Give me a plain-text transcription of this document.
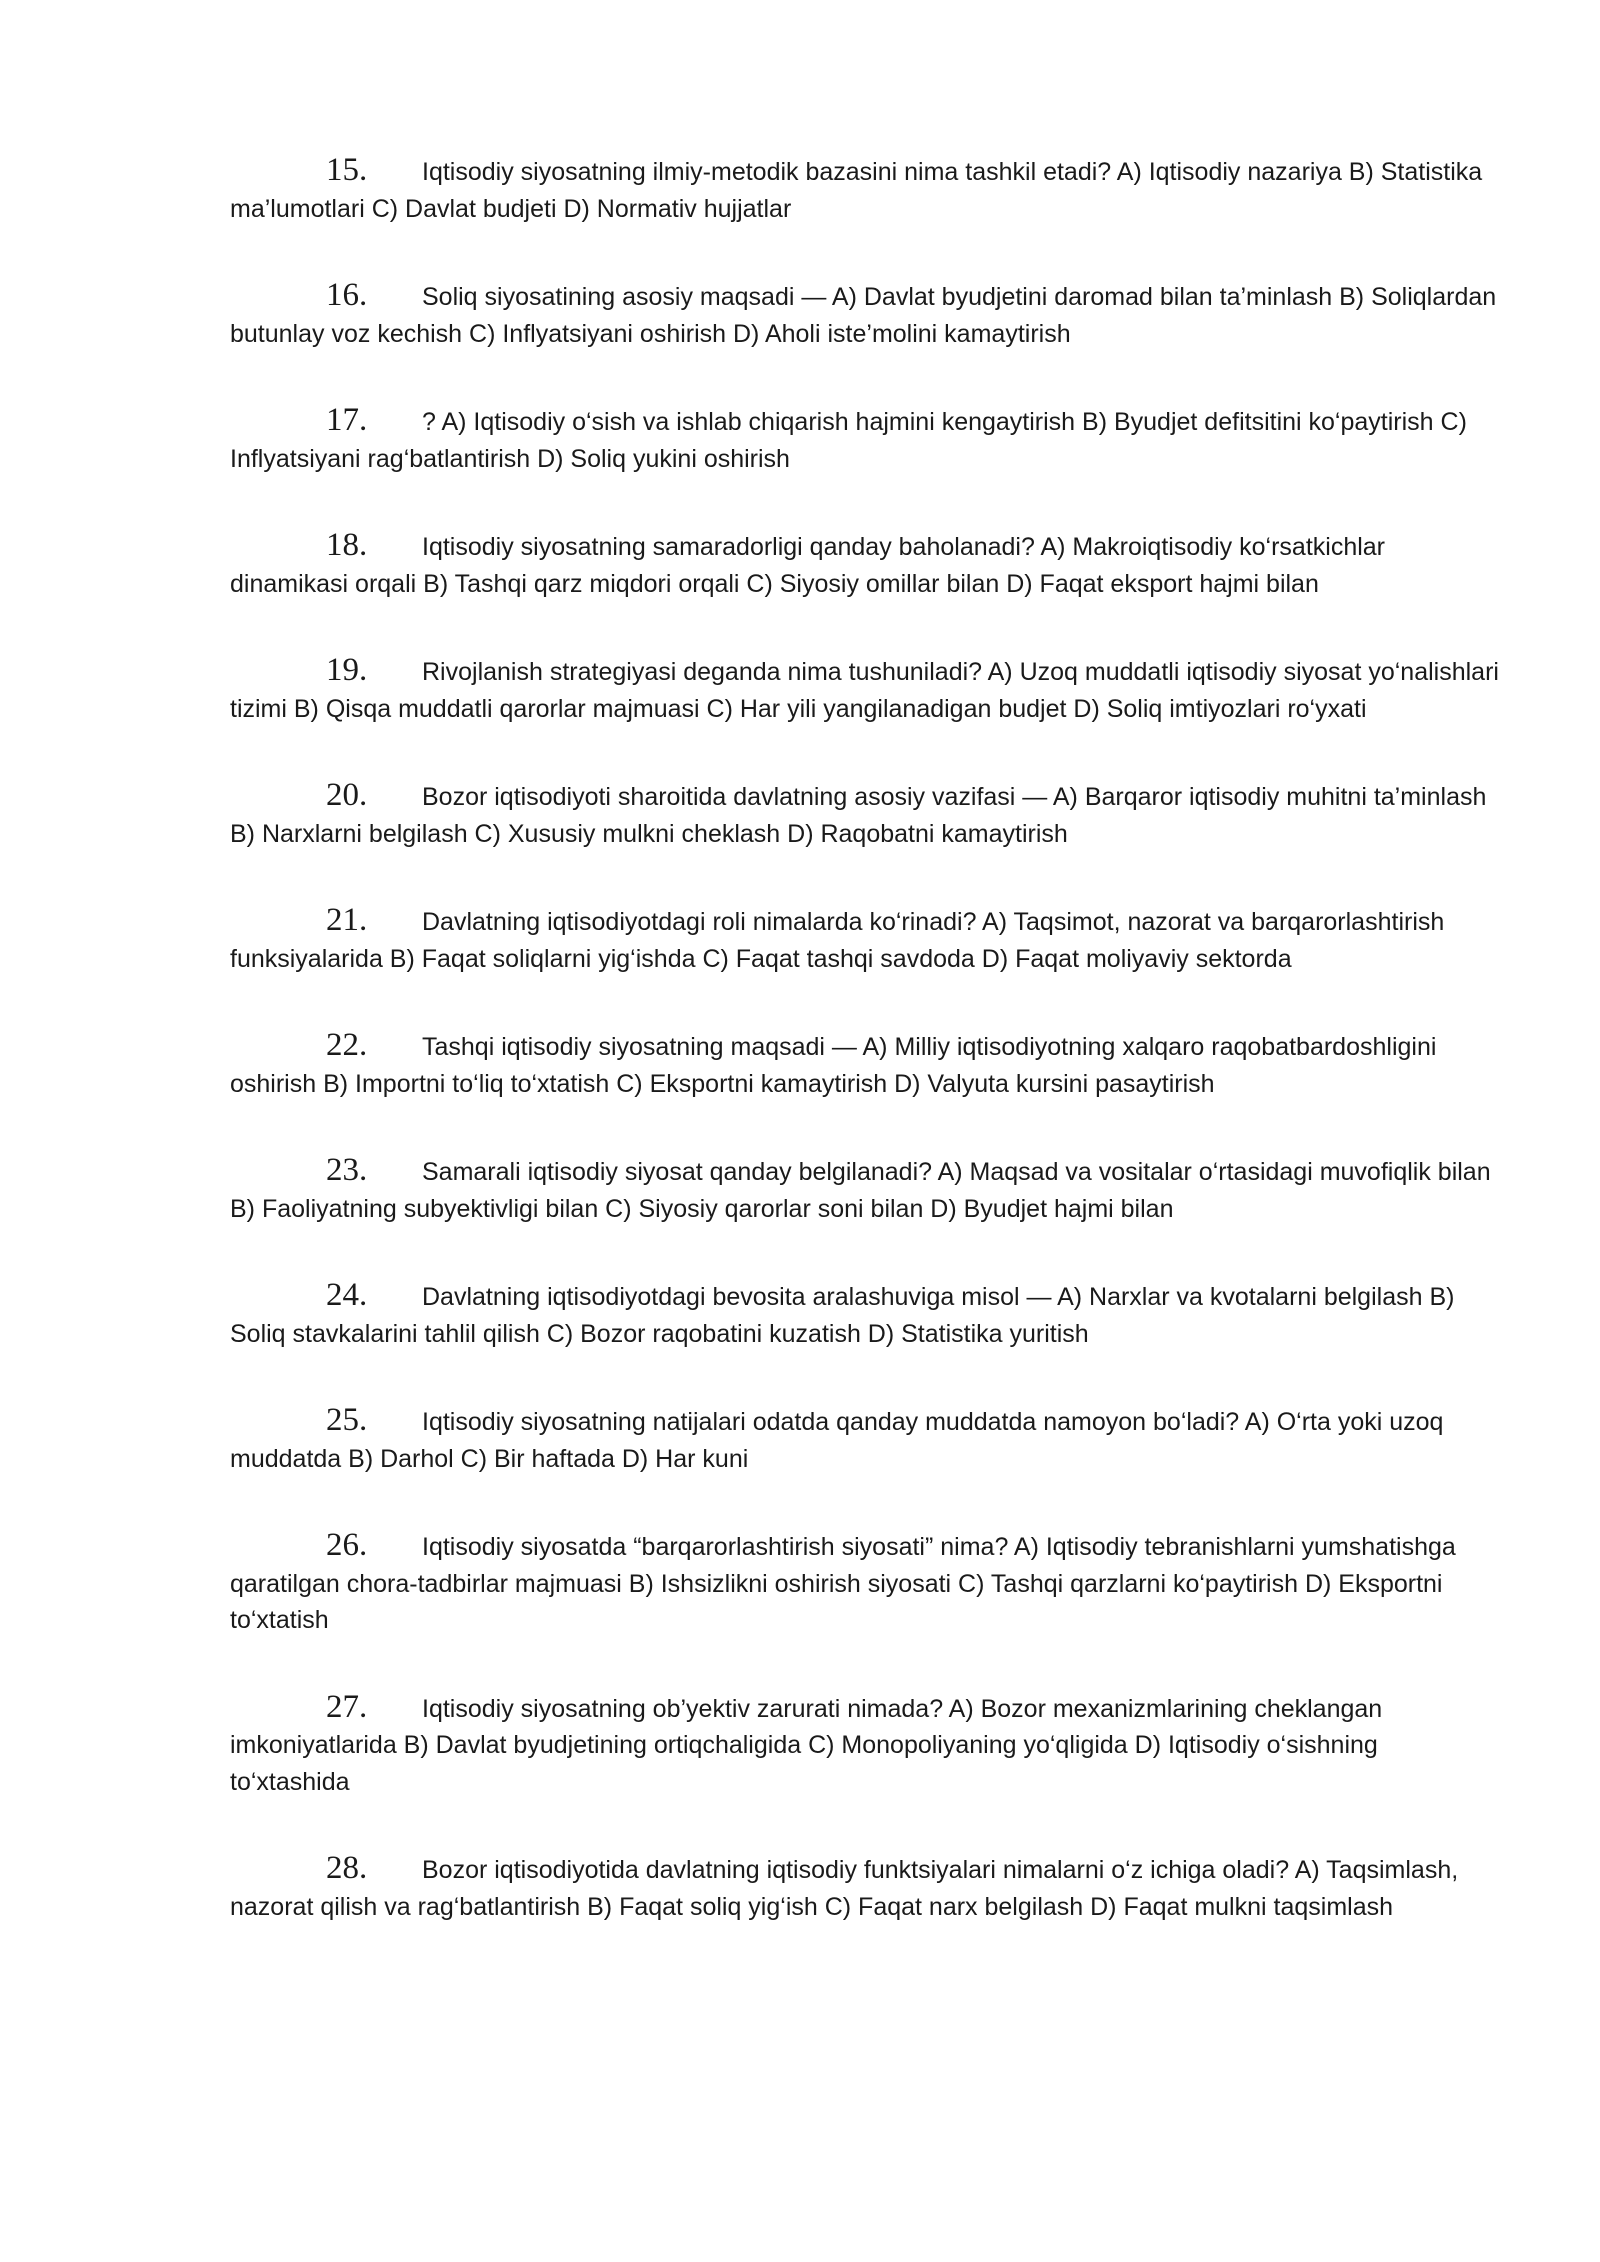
15. Iqtisodiy siyosatning ilmiy-metodik bazasini nima tashkil etadi? A) Iqtisodiy nazariya B) Statistika ma’lumotlari C) Davlat budjeti D) Normativ hujjatlar

16. Soliq siyosatining asosiy maqsadi — A) Davlat byudjetini daromad bilan ta’minlash B) Soliqlardan butunlay voz kechish C) Inflyatsiyani oshirish D) Aholi iste’molini kamaytirish

17. ? A) Iqtisodiy o‘sish va ishlab chiqarish hajmini kengaytirish B) Byudjet defitsitini ko‘paytirish C) Inflyatsiyani rag‘batlantirish D) Soliq yukini oshirish

18. Iqtisodiy siyosatning samaradorligi qanday baholanadi? A) Makroiqtisodiy ko‘rsatkichlar dinamikasi orqali B) Tashqi qarz miqdori orqali C) Siyosiy omillar bilan D) Faqat eksport hajmi bilan

19. Rivojlanish strategiyasi deganda nima tushuniladi? A) Uzoq muddatli iqtisodiy siyosat yo‘nalishlari tizimi B) Qisqa muddatli qarorlar majmuasi C) Har yili yangilanadigan budjet D) Soliq imtiyozlari ro‘yxati

20. Bozor iqtisodiyoti sharoitida davlatning asosiy vazifasi — A) Barqaror iqtisodiy muhitni ta’minlash B) Narxlarni belgilash C) Xususiy mulkni cheklash D) Raqobatni kamaytirish

21. Davlatning iqtisodiyotdagi roli nimalarda ko‘rinadi? A) Taqsimot, nazorat va barqarorlashtirish funksiyalarida B) Faqat soliqlarni yig‘ishda C) Faqat tashqi savdoda D) Faqat moliyaviy sektorda

22. Tashqi iqtisodiy siyosatning maqsadi — A) Milliy iqtisodiyotning xalqaro raqobatbardoshligini oshirish B) Importni to‘liq to‘xtatish C) Eksportni kamaytirish D) Valyuta kursini pasaytirish

23. Samarali iqtisodiy siyosat qanday belgilanadi? A) Maqsad va vositalar o‘rtasidagi muvofiqlik bilan B) Faoliyatning subyektivligi bilan C) Siyosiy qarorlar soni bilan D) Byudjet hajmi bilan

24. Davlatning iqtisodiyotdagi bevosita aralashuviga misol — A) Narxlar va kvotalarni belgilash B) Soliq stavkalarini tahlil qilish C) Bozor raqobatini kuzatish D) Statistika yuritish

25. Iqtisodiy siyosatning natijalari odatda qanday muddatda namoyon bo‘ladi? A) O‘rta yoki uzoq muddatda B) Darhol C) Bir haftada D) Har kuni

26. Iqtisodiy siyosatda “barqarorlashtirish siyosati” nima? A) Iqtisodiy tebranishlarni yumshatishga qaratilgan chora-tadbirlar majmuasi B) Ishsizlikni oshirish siyosati C) Tashqi qarzlarni ko‘paytirish D) Eksportni to‘xtatish

27. Iqtisodiy siyosatning ob’yektiv zarurati nimada? A) Bozor mexanizmlarining cheklangan imkoniyatlarida B) Davlat byudjetining ortiqchaligida C) Monopoliyaning yo‘qligida D) Iqtisodiy o‘sishning to‘xtashida

28. Bozor iqtisodiyotida davlatning iqtisodiy funktsiyalari nimalarni o‘z ichiga oladi? A) Taqsimlash, nazorat qilish va rag‘batlantirish B) Faqat soliq yig‘ish C) Faqat narx belgilash D) Faqat mulkni taqsimlash
